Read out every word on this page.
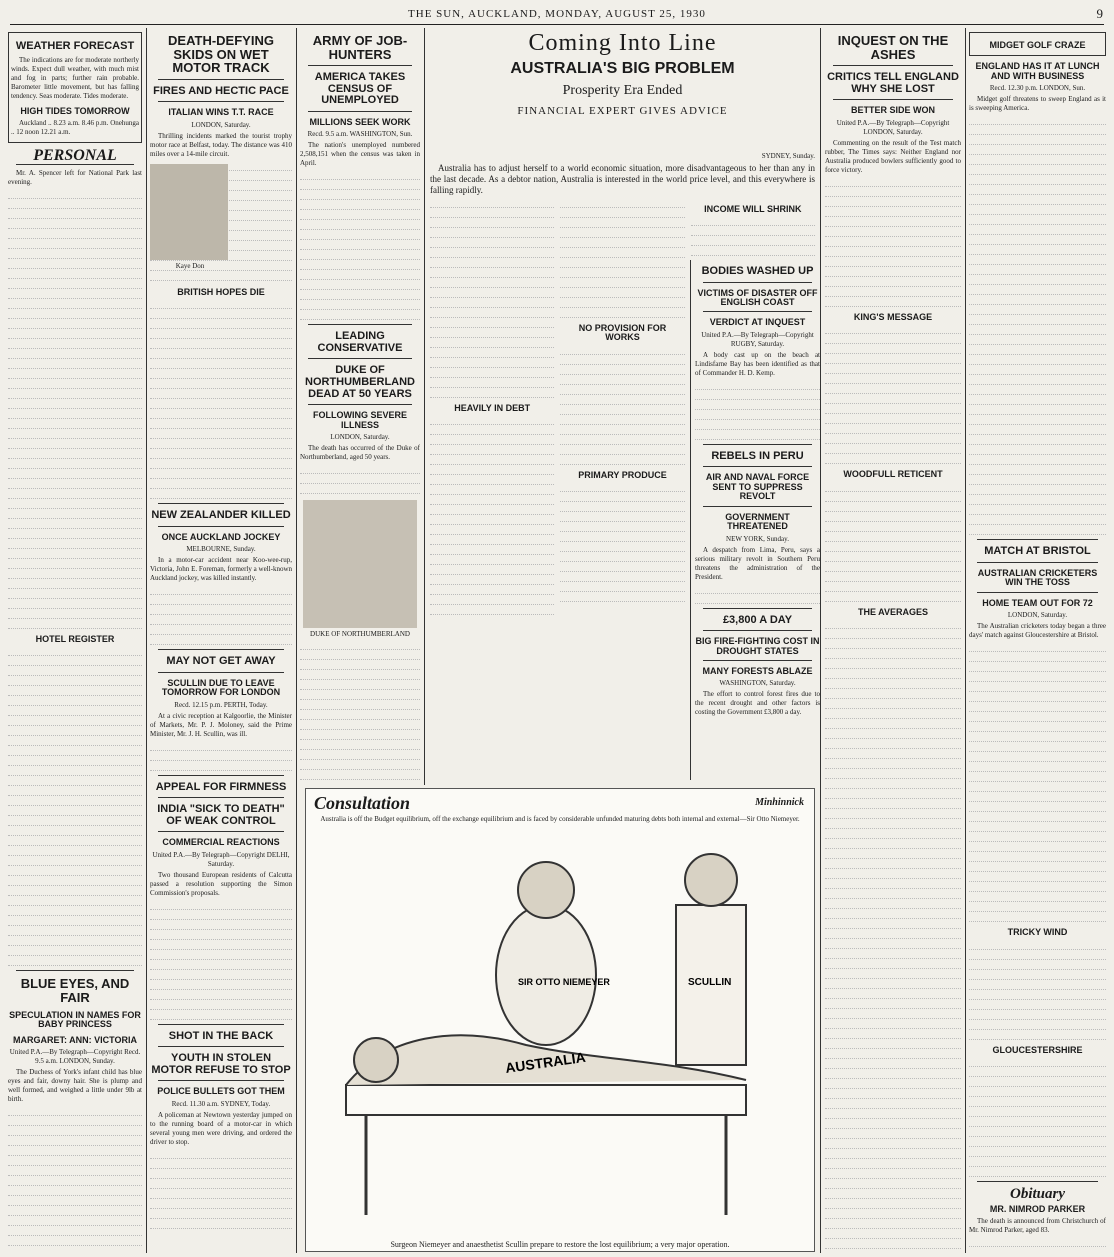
THE SUN, AUCKLAND, MONDAY, AUGUST 25, 1930	9
WEATHER FORECAST

The indications are for moderate northerly winds. Expect dull weather, with much mist and fog in parts; further rain probable. Barometer little movement, but has falling tendency. Seas moderate. Tides moderate.

HIGH TIDES TOMORROW

Auckland .. 8.23 a.m. 8.46 p.m. Onehunga .. 12 noon 12.21 a.m.

PERSONAL

Mr. A. Spencer left for National Park last evening.

HOTEL REGISTER
BLUE EYES, AND FAIR
SPECULATION IN NAMES FOR BABY PRINCESS
MARGARET: ANN: VICTORIA
United P.A.—By Telegraph—Copyright Recd. 9.5 a.m. LONDON, Sunday.

The Duchess of York's infant child has blue eyes and fair, downy hair. She is plump and well formed, and weighed a little under 9lb at birth.

DEATH-DEFYING SKIDS ON WET MOTOR TRACK
FIRES AND HECTIC PACE
ITALIAN WINS T.T. RACE
LONDON, Saturday.

Thrilling incidents marked the tourist trophy motor race at Belfast, today. The distance was 410 miles over a 14-mile circuit.

Kaye Don
BRITISH HOPES DIE
NEW ZEALANDER KILLED
ONCE AUCKLAND JOCKEY
MELBOURNE, Sunday.

In a motor-car accident near Koo-wee-rup, Victoria, John E. Foreman, formerly a well-known Auckland jockey, was killed instantly.

MAY NOT GET AWAY
SCULLIN DUE TO LEAVE TOMORROW FOR LONDON
Recd. 12.15 p.m. PERTH, Today.

At a civic reception at Kalgoorlie, the Minister of Markets, Mr. P. J. Moloney, said the Prime Minister, Mr. J. H. Scullin, was ill.

APPEAL FOR FIRMNESS
INDIA "SICK TO DEATH" OF WEAK CONTROL
COMMERCIAL REACTIONS
United P.A.—By Telegraph—Copyright DELHI, Saturday.

Two thousand European residents of Calcutta passed a resolution supporting the Simon Commission's proposals.

SHOT IN THE BACK
YOUTH IN STOLEN MOTOR REFUSE TO STOP
POLICE BULLETS GOT THEM
Recd. 11.30 a.m. SYDNEY, Today.

A policeman at Newtown yesterday jumped on to the running board of a motor-car in which several young men were driving, and ordered the driver to stop.

ARMY OF JOB-HUNTERS
AMERICA TAKES CENSUS OF UNEMPLOYED
MILLIONS SEEK WORK
Recd. 9.5 a.m. WASHINGTON, Sun.

The nation's unemployed numbered 2,508,151 when the census was taken in April.

LEADING CONSERVATIVE
DUKE OF NORTHUMBERLAND DEAD AT 50 YEARS
FOLLOWING SEVERE ILLNESS
LONDON, Saturday.

The death has occurred of the Duke of Northumberland, aged 50 years.

DUKE OF NORTHUMBERLAND

Coming Into Line
AUSTRALIA'S BIG PROBLEM
Prosperity Era Ended
FINANCIAL EXPERT GIVES ADVICE
SYDNEY, Sunday.

Australia has to adjust herself to a world economic situation, more disadvantageous to her than any in the last decade. As a debtor nation, Australia is interested in the world price level, and this everywhere is falling rapidly.

HEAVILY IN DEBT
NO PROVISION FOR WORKS
PRIMARY PRODUCE
INCOME WILL SHRINK
INQUEST ON THE ASHES
CRITICS TELL ENGLAND WHY SHE LOST
BETTER SIDE WON
United P.A.—By Telegraph—Copyright LONDON, Saturday.

Commenting on the result of the Test match rubber, The Times says: Neither England nor Australia produced bowlers sufficiently good to force victory.

KING'S MESSAGE
WOODFULL RETICENT
THE AVERAGES

BODIES WASHED UP
VICTIMS OF DISASTER OFF ENGLISH COAST
VERDICT AT INQUEST
United P.A.—By Telegraph—Copyright RUGBY, Saturday.

A body cast up on the beach at Lindisfarne Bay has been identified as that of Commander H. D. Kemp.

REBELS IN PERU
AIR AND NAVAL FORCE SENT TO SUPPRESS REVOLT
GOVERNMENT THREATENED
NEW YORK, Sunday.

A despatch from Lima, Peru, says a serious military revolt in Southern Peru threatens the administration of the President.

£3,800 A DAY
BIG FIRE-FIGHTING COST IN DROUGHT STATES
MANY FORESTS ABLAZE
WASHINGTON, Saturday.

The effort to control forest fires due to the recent drought and other factors is costing the Government £3,800 a day.

MIDGET GOLF CRAZE
ENGLAND HAS IT AT LUNCH AND WITH BUSINESS
Recd. 12.30 p.m. LONDON, Sun.

Midget golf threatens to sweep England as it is sweeping America.

MATCH AT BRISTOL
AUSTRALIAN CRICKETERS WIN THE TOSS
HOME TEAM OUT FOR 72
LONDON, Saturday.

The Australian cricketers today began a three days' match against Gloucestershire at Bristol.

TRICKY WIND
GLOUCESTERSHIRE
Obituary
MR. NIMROD PARKER

The death is announced from Christchurch of Mr. Nimrod Parker, aged 83.

Consultation	Minhinnick
Australia is off the Budget equilibrium, off the exchange equilibrium and is faced by considerable unfunded maturing debts both internal and external—Sir Otto Niemeyer.
AUSTRALIA
SIR OTTO NIEMEYER	SCULLIN
Surgeon Niemeyer and anaesthetist Scullin prepare to restore the lost equilibrium; a very major operation.
